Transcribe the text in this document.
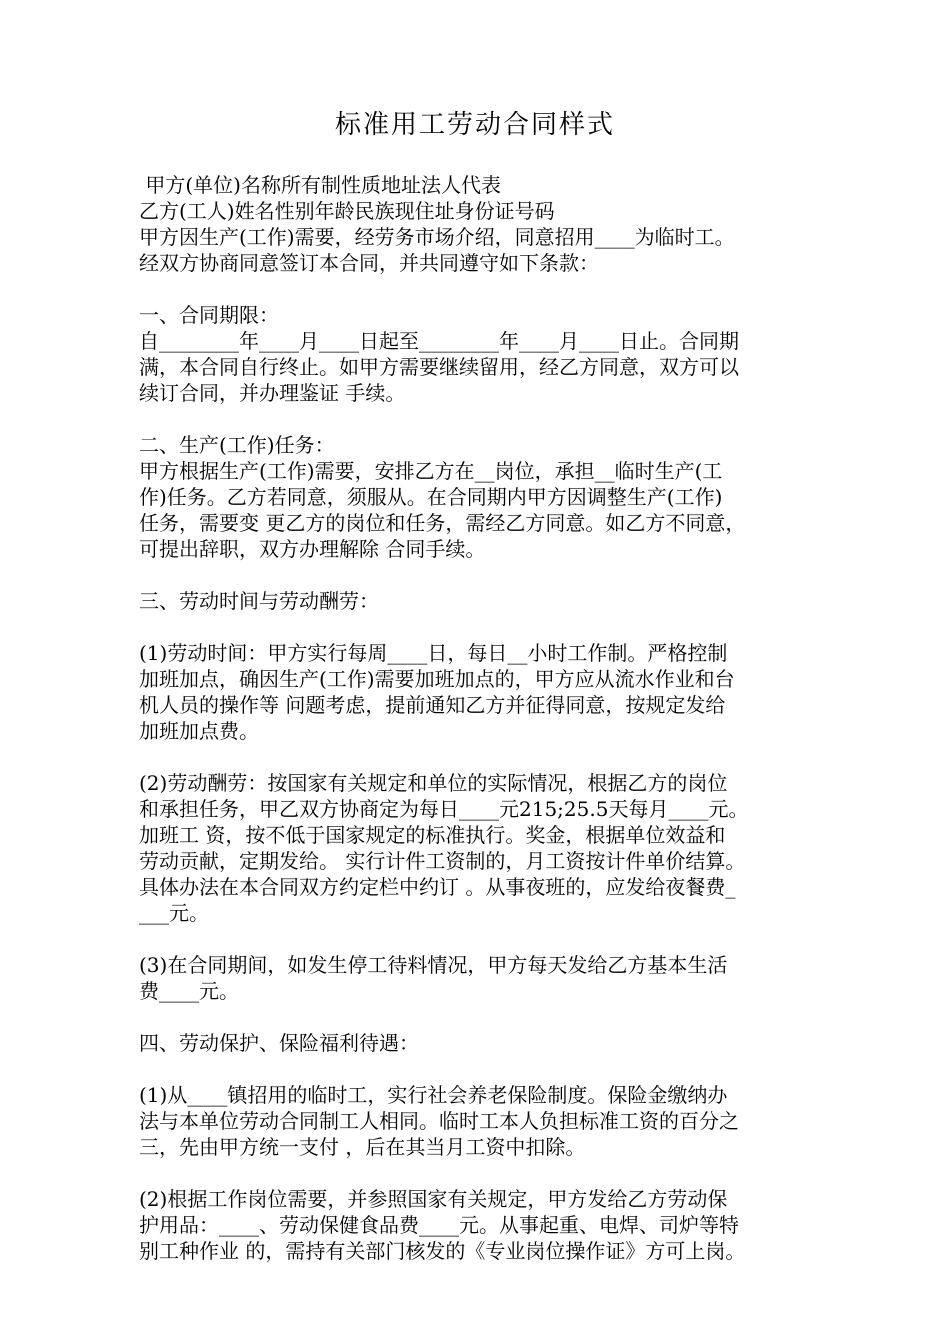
标准用工劳动合同样式
甲方(单位)名称所有制性质地址法人代表
乙方(工人)姓名性别年龄民族现住址身份证号码
甲方因生产(工作)需要，经劳务市场介绍，同意招用____为临时工。
经双方协商同意签订本合同，并共同遵守如下条款：
一、合同期限：
自________年____月____日起至________年____月____日止。合同期
满，本合同自行终止。如甲方需要继续留用，经乙方同意，双方可以
续订合同，并办理鉴证 手续。
二、生产(工作)任务：
甲方根据生产(工作)需要，安排乙方在__岗位，承担__临时生产(工
作)任务。乙方若同意，须服从。在合同期内甲方因调整生产(工作)
任务，需要变 更乙方的岗位和任务，需经乙方同意。如乙方不同意，
可提出辞职，双方办理解除 合同手续。
三、劳动时间与劳动酬劳：
(1)劳动时间：甲方实行每周____日，每日__小时工作制。严格控制
加班加点，确因生产(工作)需要加班加点的，甲方应从流水作业和台
机人员的操作等 问题考虑，提前通知乙方并征得同意，按规定发给
加班加点费。
(2)劳动酬劳：按国家有关规定和单位的实际情况，根据乙方的岗位
和承担任务，甲乙双方协商定为每日____元215;25.5天每月____元。
加班工 资，按不低于国家规定的标准执行。奖金，根据单位效益和
劳动贡献，定期发给。 实行计件工资制的，月工资按计件单价结算。
具体办法在本合同双方约定栏中约订 。从事夜班的，应发给夜餐费_
___元。
(3)在合同期间，如发生停工待料情况，甲方每天发给乙方基本生活
费____元。
四、劳动保护、保险福利待遇：
(1)从____镇招用的临时工，实行社会养老保险制度。保险金缴纳办
法与本单位劳动合同制工人相同。临时工本人负担标准工资的百分之
三，先由甲方统一支付 ，后在其当月工资中扣除。
(2)根据工作岗位需要，并参照国家有关规定，甲方发给乙方劳动保
护用品：____、劳动保健食品费____元。从事起重、电焊、司炉等特
别工种作业 的，需持有关部门核发的《专业岗位操作证》方可上岗。
